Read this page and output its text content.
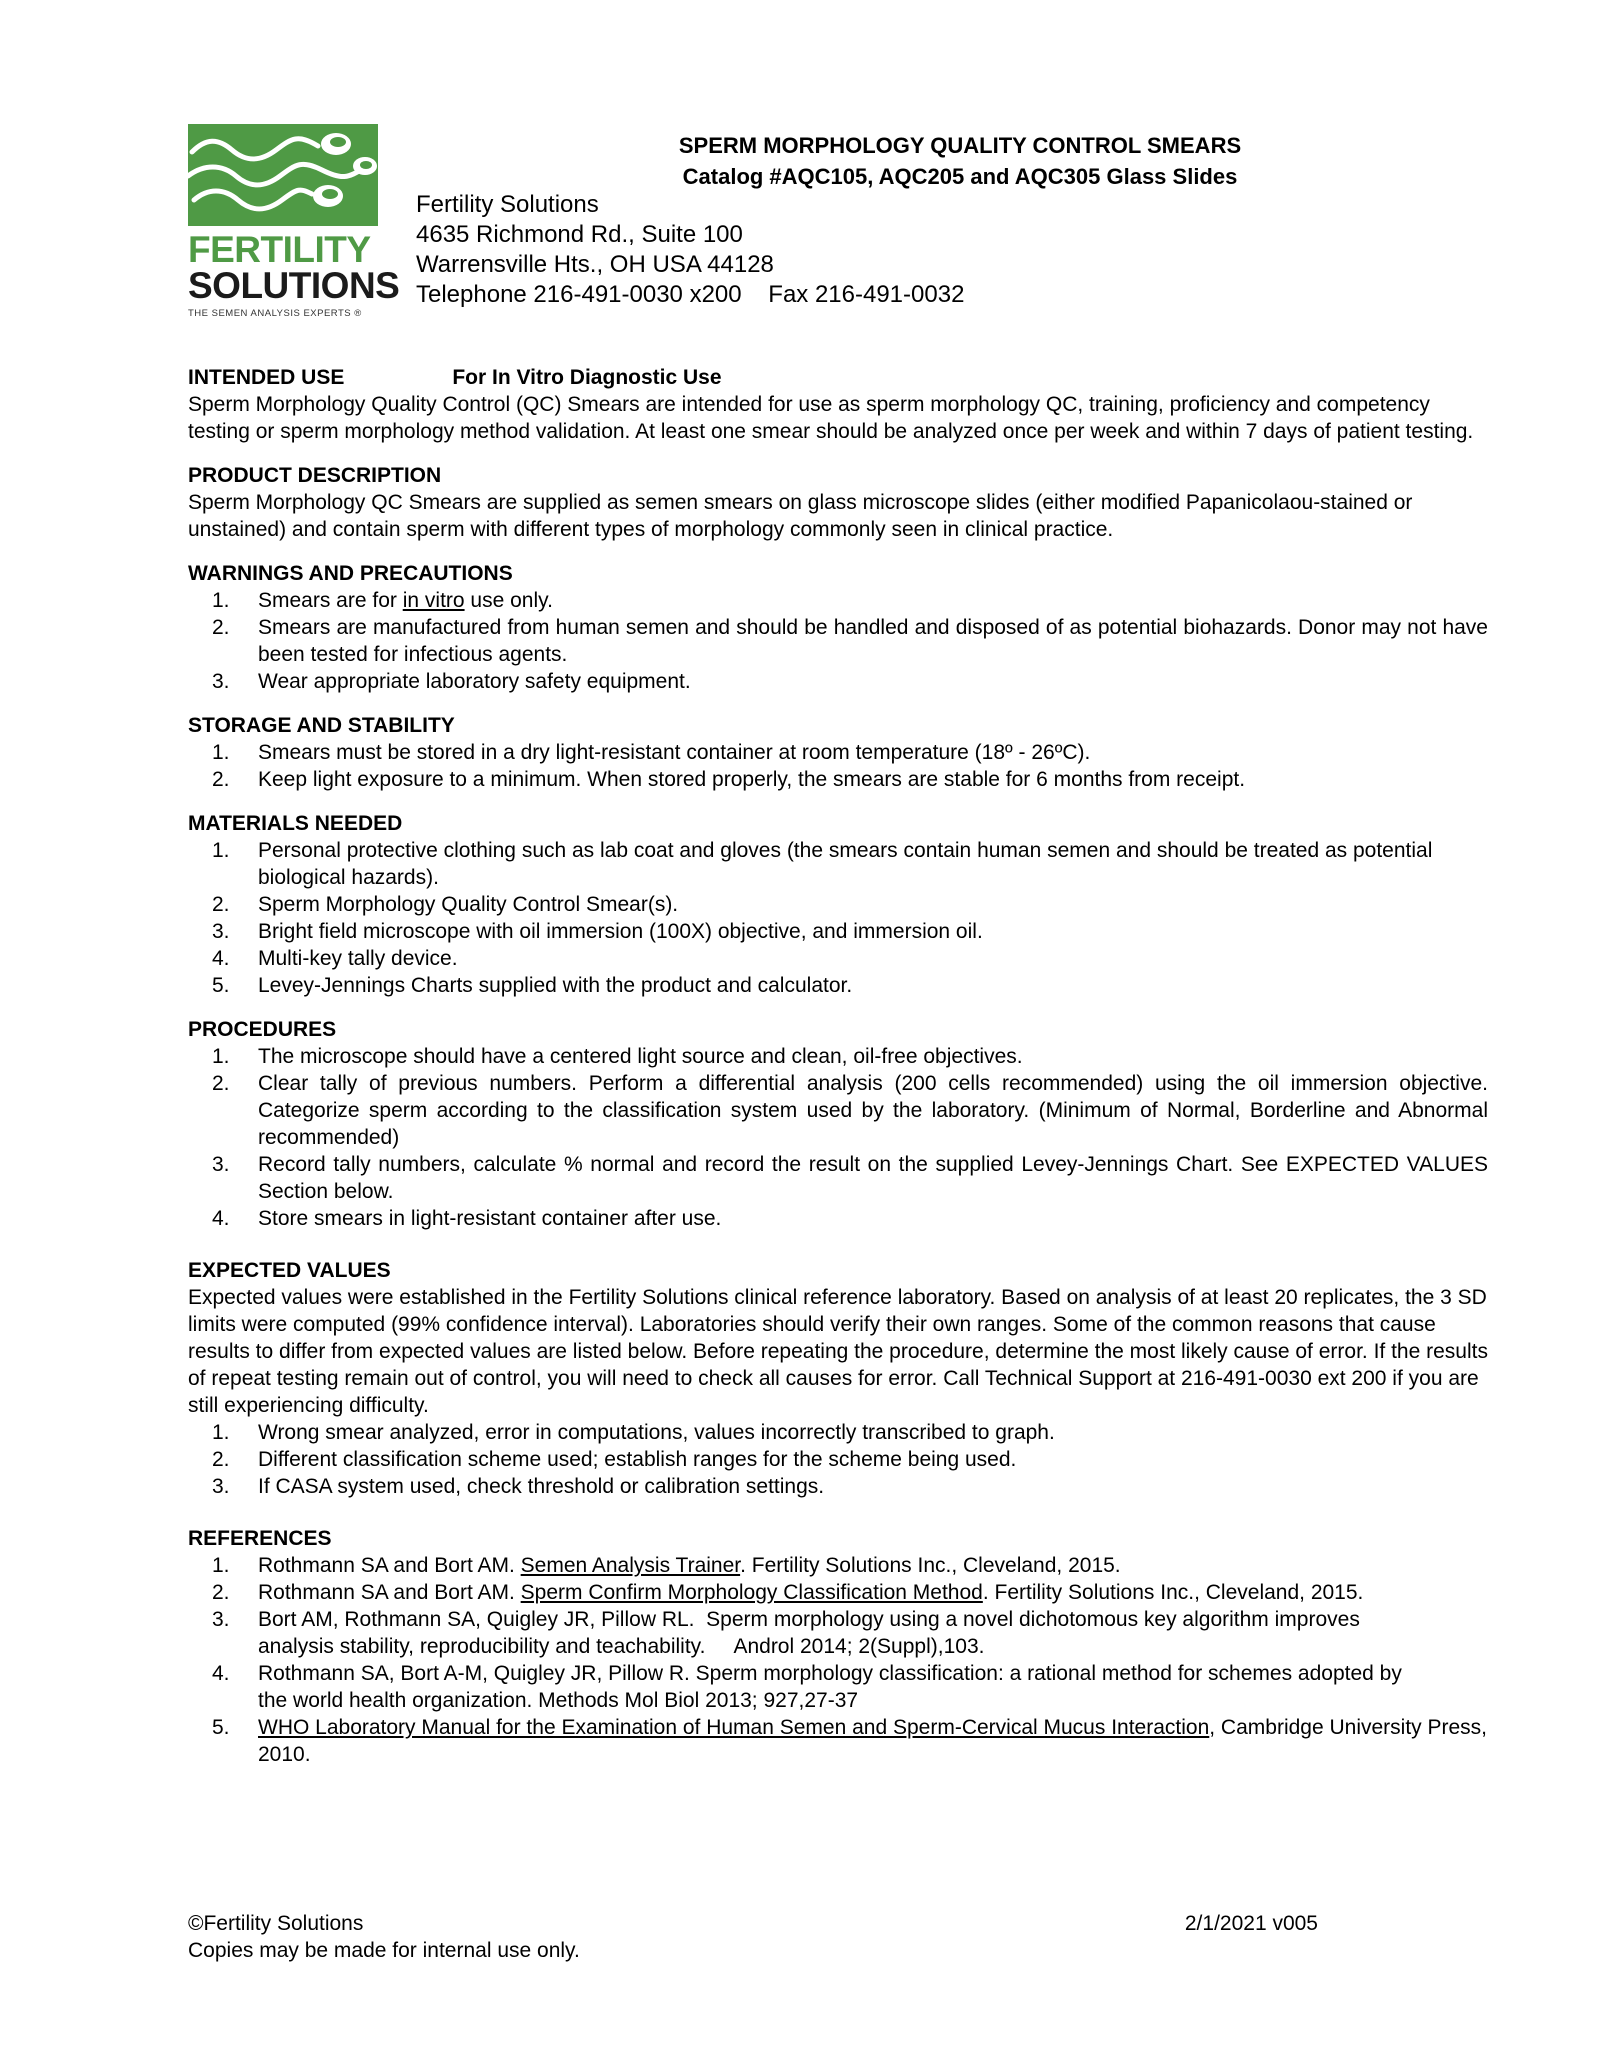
FERTILITY
SOLUTIONS
THE SEMEN ANALYSIS EXPERTS ®
SPERM MORPHOLOGY QUALITY CONTROL SMEARS
Catalog #AQC105, AQC205 and AQC305 Glass Slides
Fertility Solutions
4635 Richmond Rd., Suite 100
Warrensville Hts., OH USA 44128
Telephone 216-491-0030 x200    Fax 216-491-0032

INTENDED USE	For In Vitro Diagnostic Use

Sperm Morphology Quality Control (QC) Smears are intended for use as sperm morphology QC, training, proficiency and competency testing or sperm morphology method validation. At least one smear should be analyzed once per week and within 7 days of patient testing.

PRODUCT DESCRIPTION

Sperm Morphology QC Smears are supplied as semen smears on glass microscope slides (either modified Papanicolaou-stained or unstained) and contain sperm with different types of morphology commonly seen in clinical practice.

WARNINGS AND PRECAUTIONS

1. Smears are for in vitro use only.
2. Smears are manufactured from human semen and should be handled and disposed of as potential biohazards. Donor may not have been tested for infectious agents.
3. Wear appropriate laboratory safety equipment.

STORAGE AND STABILITY

1. Smears must be stored in a dry light-resistant container at room temperature (18º - 26ºC).
2. Keep light exposure to a minimum. When stored properly, the smears are stable for 6 months from receipt.

MATERIALS NEEDED

1. Personal protective clothing such as lab coat and gloves (the smears contain human semen and should be treated as potential biological hazards).
2. Sperm Morphology Quality Control Smear(s).
3. Bright field microscope with oil immersion (100X) objective, and immersion oil.
4. Multi-key tally device.
5. Levey-Jennings Charts supplied with the product and calculator.

PROCEDURES

1. The microscope should have a centered light source and clean, oil-free objectives.
2. Clear tally of previous numbers. Perform a differential analysis (200 cells recommended) using the oil immersion objective. Categorize sperm according to the classification system used by the laboratory. (Minimum of Normal, Borderline and Abnormal recommended)
3. Record tally numbers, calculate % normal and record the result on the supplied Levey-Jennings Chart. See EXPECTED VALUES Section below.
4. Store smears in light-resistant container after use.

EXPECTED VALUES

Expected values were established in the Fertility Solutions clinical reference laboratory. Based on analysis of at least 20 replicates, the 3 SD limits were computed (99% confidence interval). Laboratories should verify their own ranges. Some of the common reasons that cause results to differ from expected values are listed below. Before repeating the procedure, determine the most likely cause of error. If the results of repeat testing remain out of control, you will need to check all causes for error. Call Technical Support at 216-491-0030 ext 200 if you are still experiencing difficulty.

1. Wrong smear analyzed, error in computations, values incorrectly transcribed to graph.
2. Different classification scheme used; establish ranges for the scheme being used.
3. If CASA system used, check threshold or calibration settings.

REFERENCES

1. Rothmann SA and Bort AM. Semen Analysis Trainer. Fertility Solutions Inc., Cleveland, 2015.
2. Rothmann SA and Bort AM. Sperm Confirm Morphology Classification Method. Fertility Solutions Inc., Cleveland, 2015.
3. Bort AM, Rothmann SA, Quigley JR, Pillow RL.  Sperm morphology using a novel dichotomous key algorithm improves analysis stability, reproducibility and teachability.     Androl 2014; 2(Suppl),103.
4. Rothmann SA, Bort A-M, Quigley JR, Pillow R. Sperm morphology classification: a rational method for schemes adopted by the world health organization. Methods Mol Biol 2013; 927,27-37
5. WHO Laboratory Manual for the Examination of Human Semen and Sperm-Cervical Mucus Interaction, Cambridge University Press, 2010.
©Fertility Solutions	2/1/2021 v005
Copies may be made for internal use only.
